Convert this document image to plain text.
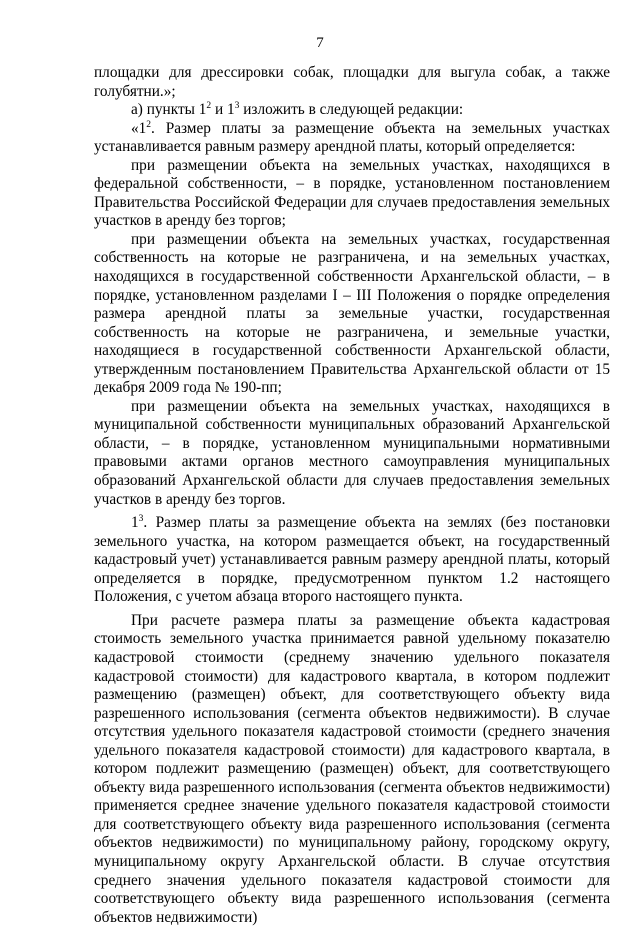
7

площадки для дрессировки собак, площадки для выгула собак, а также голубятни.»;

а) пункты $1^2$ и $1^3$ изложить в следующей редакции:

«$1^2$. Размер платы за размещение объекта на земельных участках устанавливается равным размеру арендной платы, который определяется:

при размещении объекта на земельных участках, находящихся в федеральной собственности, – в порядке, установленном постановлением Правительства Российской Федерации для случаев предоставления земельных участков в аренду без торгов;

при размещении объекта на земельных участках, государственная собственность на которые не разграничена, и на земельных участках, находящихся в государственной собственности Архангельской области, – в порядке, установленном разделами I – III Положения о порядке определения размера арендной платы за земельные участки, государственная собственность на которые не разграничена, и земельные участки, находящиеся в государственной собственности Архангельской области, утвержденным постановлением Правительства Архангельской области от 15 декабря 2009 года № 190-пп;

при размещении объекта на земельных участках, находящихся в муниципальной собственности муниципальных образований Архангельской области, – в порядке, установленном муниципальными нормативными правовыми актами органов местного самоуправления муниципальных образований Архангельской области для случаев предоставления земельных участков в аренду без торгов.

$1^3$. Размер платы за размещение объекта на землях (без постановки земельного участка, на котором размещается объект, на государственный кадастровый учет) устанавливается равным размеру арендной платы, который определяется в порядке, предусмотренном пунктом 1.2 настоящего Положения, с учетом абзаца второго настоящего пункта.

При расчете размера платы за размещение объекта кадастровая стоимость земельного участка принимается равной удельному показателю кадастровой стоимости (среднему значению удельного показателя кадастровой стоимости) для кадастрового квартала, в котором подлежит размещению (размещен) объект, для соответствующего объекту вида разрешенного использования (сегмента объектов недвижимости). В случае отсутствия удельного показателя кадастровой стоимости (среднего значения удельного показателя кадастровой стоимости) для кадастрового квартала, в котором подлежит размещению (размещен) объект, для соответствующего объекту вида разрешенного использования (сегмента объектов недвижимости) применяется среднее значение удельного показателя кадастровой стоимости для соответствующего объекту вида разрешенного использования (сегмента объектов недвижимости) по муниципальному району, городскому округу, муниципальному округу Архангельской области. В случае отсутствия среднего значения удельного показателя кадастровой стоимости для соответствующего объекту вида разрешенного использования (сегмента объектов недвижимости)
